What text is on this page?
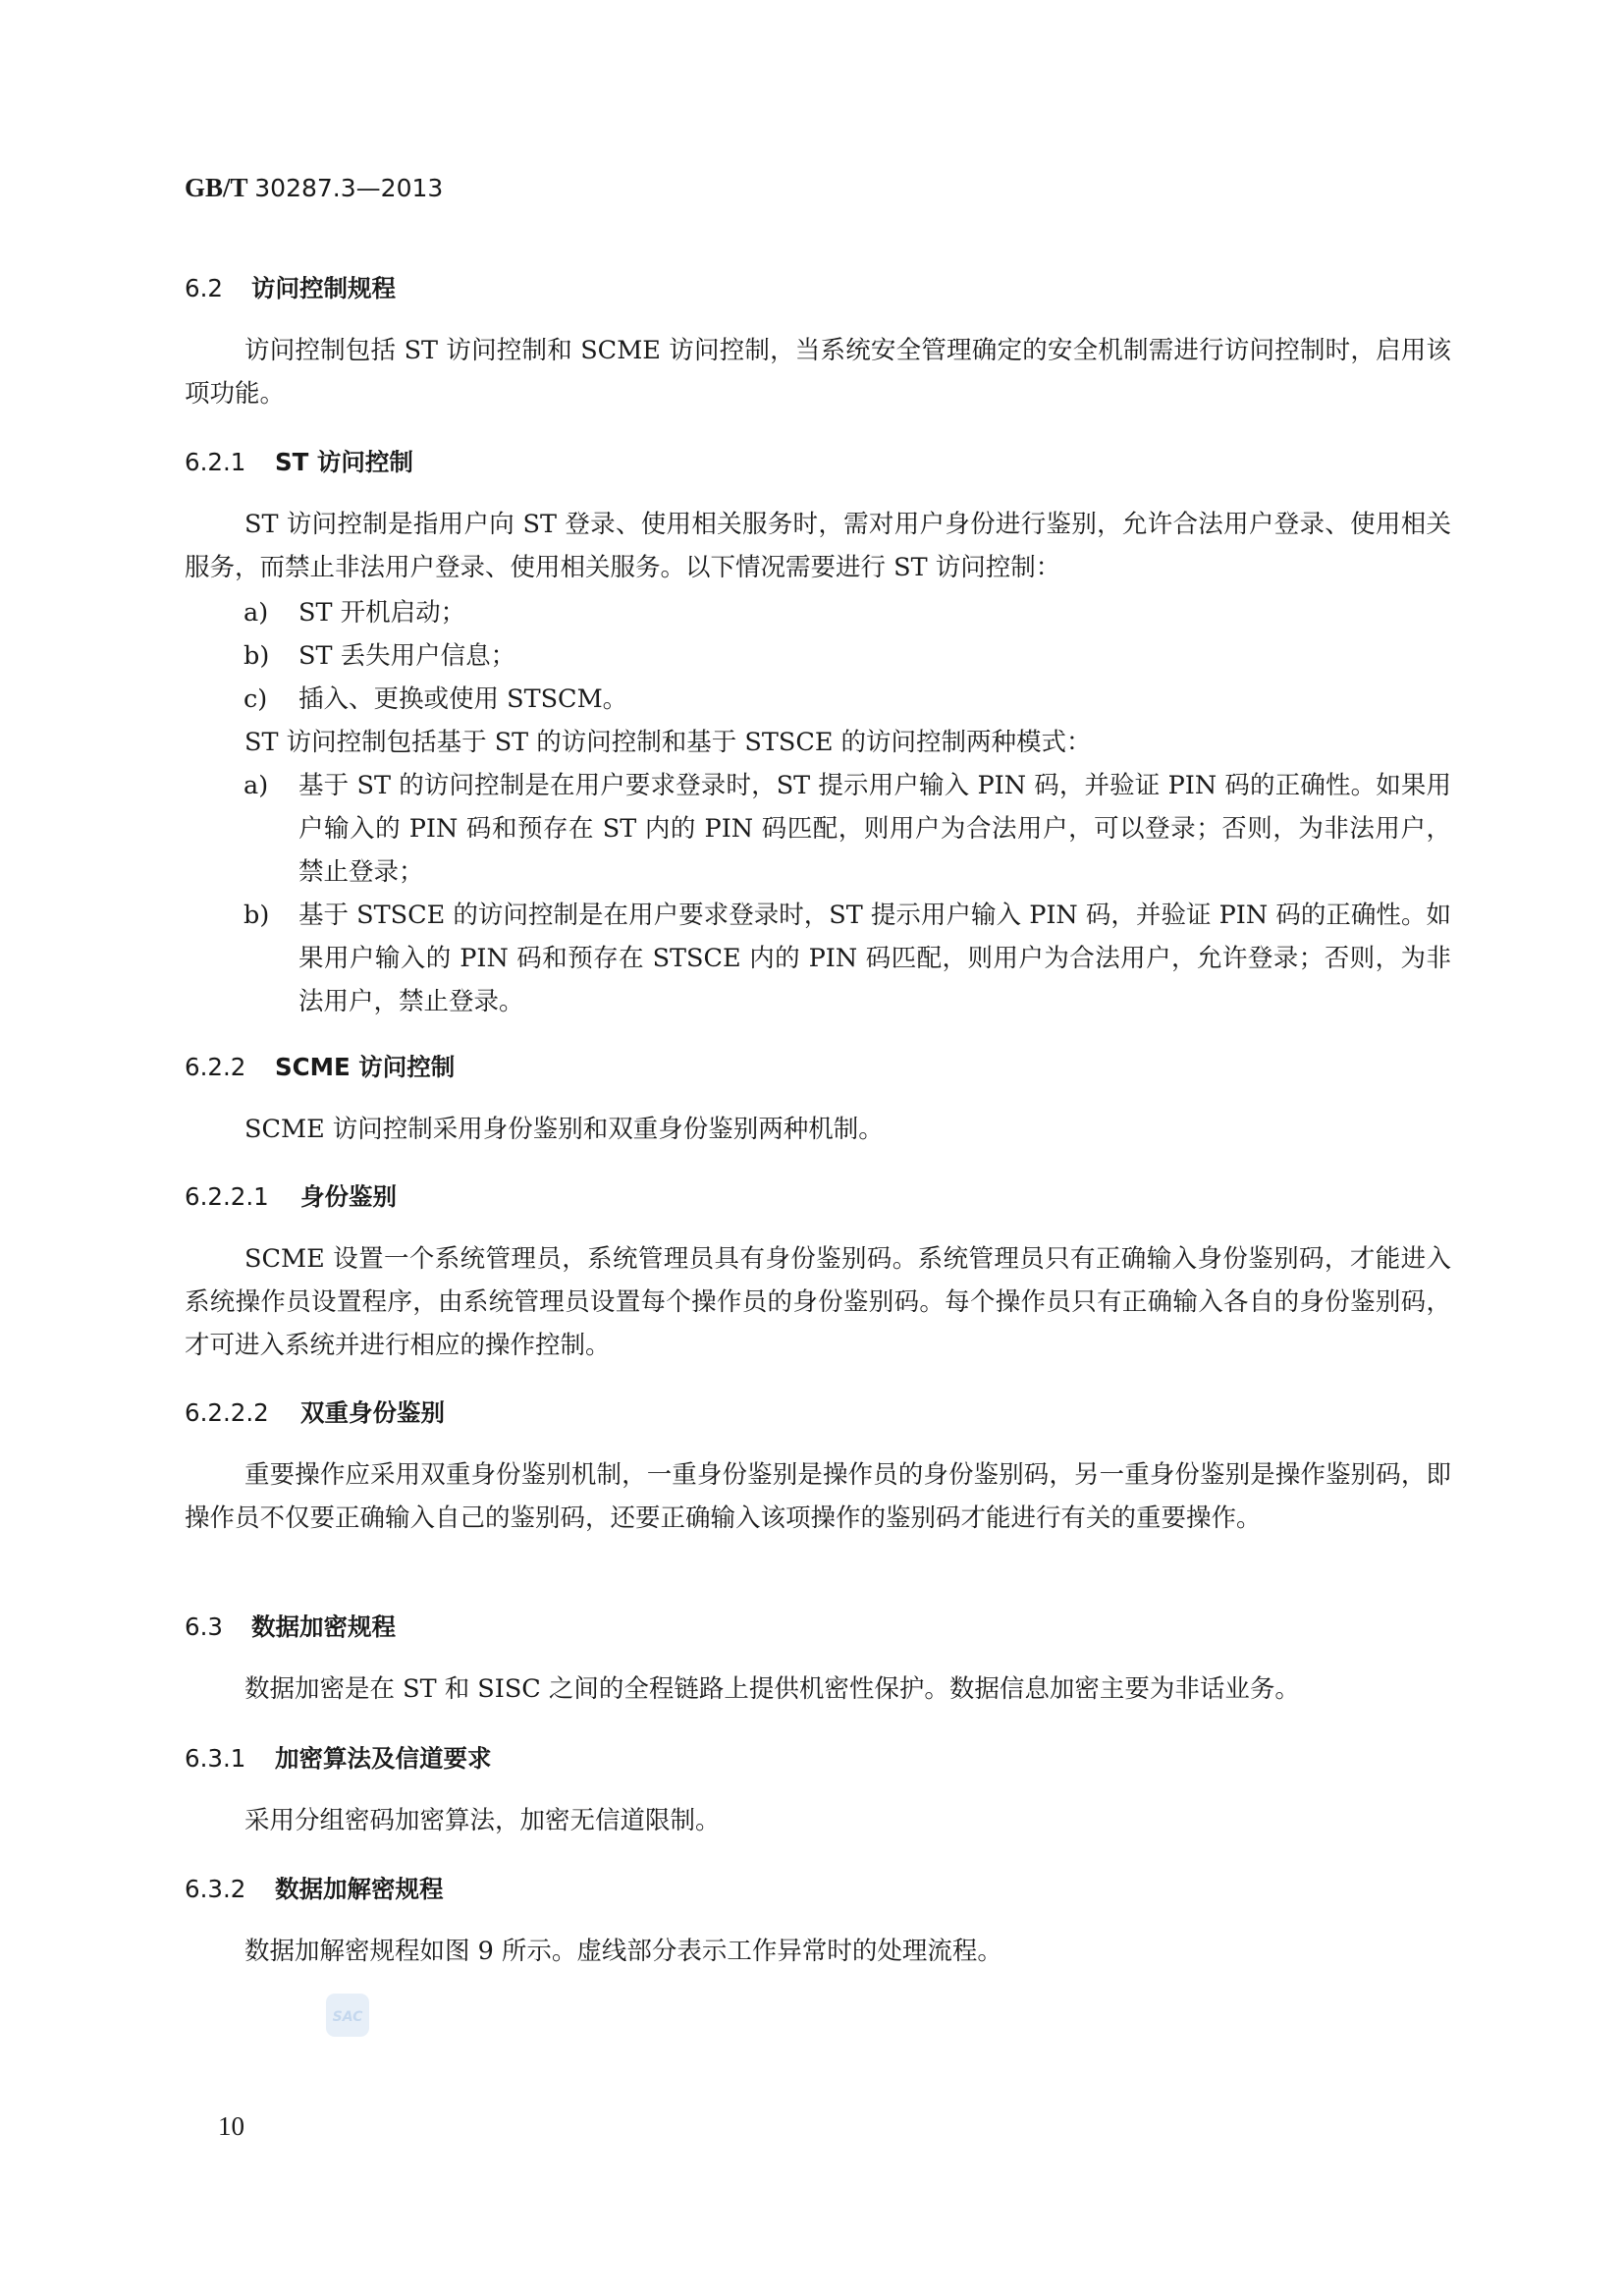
GB/T 30287.3—2013
6.2 访问控制规程

访问控制包括 ST 访问控制和 SCME 访问控制，当系统安全管理确定的安全机制需进行访问控制时，启用该项功能。

6.2.1 ST 访问控制

ST 访问控制是指用户向 ST 登录、使用相关服务时，需对用户身份进行鉴别，允许合法用户登录、使用相关服务，而禁止非法用户登录、使用相关服务。以下情况需要进行 ST 访问控制：

a)	ST 开机启动；
b)	ST 丢失用户信息；
c)	插入、更换或使用 STSCM。

ST 访问控制包括基于 ST 的访问控制和基于 STSCE 的访问控制两种模式：

a)	基于 ST 的访问控制是在用户要求登录时，ST 提示用户输入 PIN 码，并验证 PIN 码的正确性。如果用户输入的 PIN 码和预存在 ST 内的 PIN 码匹配，则用户为合法用户，可以登录；否则，为非法用户，禁止登录；
b)	基于 STSCE 的访问控制是在用户要求登录时，ST 提示用户输入 PIN 码，并验证 PIN 码的正确性。如果用户输入的 PIN 码和预存在 STSCE 内的 PIN 码匹配，则用户为合法用户，允许登录；否则，为非法用户，禁止登录。
6.2.2 SCME 访问控制

SCME 访问控制采用身份鉴别和双重身份鉴别两种机制。

6.2.2.1 身份鉴别

SCME 设置一个系统管理员，系统管理员具有身份鉴别码。系统管理员只有正确输入身份鉴别码，才能进入系统操作员设置程序，由系统管理员设置每个操作员的身份鉴别码。每个操作员只有正确输入各自的身份鉴别码，才可进入系统并进行相应的操作控制。

6.2.2.2 双重身份鉴别

重要操作应采用双重身份鉴别机制，一重身份鉴别是操作员的身份鉴别码，另一重身份鉴别是操作鉴别码，即操作员不仅要正确输入自己的鉴别码，还要正确输入该项操作的鉴别码才能进行有关的重要操作。

6.3 数据加密规程

数据加密是在 ST 和 SISC 之间的全程链路上提供机密性保护。数据信息加密主要为非话业务。

6.3.1 加密算法及信道要求

采用分组密码加密算法，加密无信道限制。

6.3.2 数据加解密规程

数据加解密规程如图 9 所示。虚线部分表示工作异常时的处理流程。

SAC
10
